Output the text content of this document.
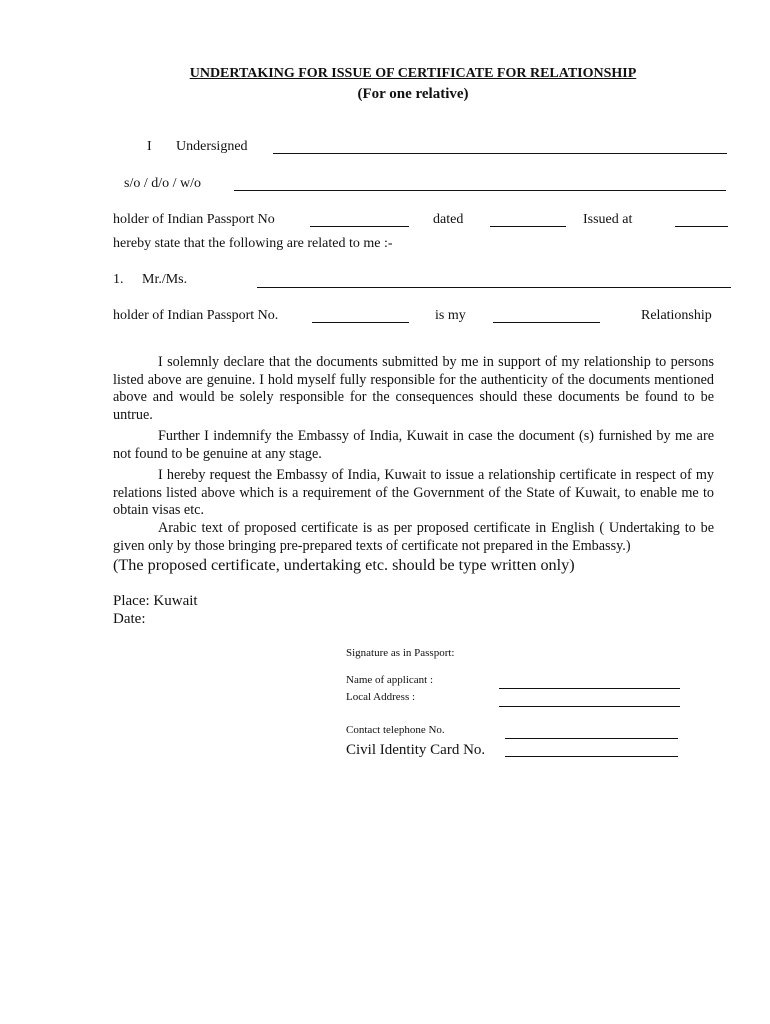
UNDERTAKING FOR ISSUE OF CERTIFICATE FOR RELATIONSHIP
(For one relative)
I Undersigned
s/o / d/o / w/o
holder of Indian Passport No	dated	Issued at
hereby state that the following are related to me :-
1. Mr./Ms.
holder of Indian Passport No.	is my	Relationship
I solemnly declare that the documents submitted by me in support of my relationship to persons listed above are genuine. I hold myself fully responsible for the authenticity of the documents mentioned above and would be solely responsible for the consequences should these documents be found to be untrue.
Further I indemnify the Embassy of India, Kuwait in case the document (s) furnished by me are not found to be genuine at any stage.
I hereby request the Embassy of India, Kuwait to issue a relationship certificate in respect of my relations listed above which is a requirement of the Government of the State of Kuwait, to enable me to obtain visas etc.
Arabic text of proposed certificate is as per proposed certificate in English ( Undertaking to be given only by those bringing pre-prepared texts of certificate not prepared in the Embassy.)
(The proposed certificate, undertaking etc. should be type written only)
Place: Kuwait
Date:
Signature as in Passport:
Name of applicant :
Local Address :
Contact telephone No.
Civil Identity Card No.
